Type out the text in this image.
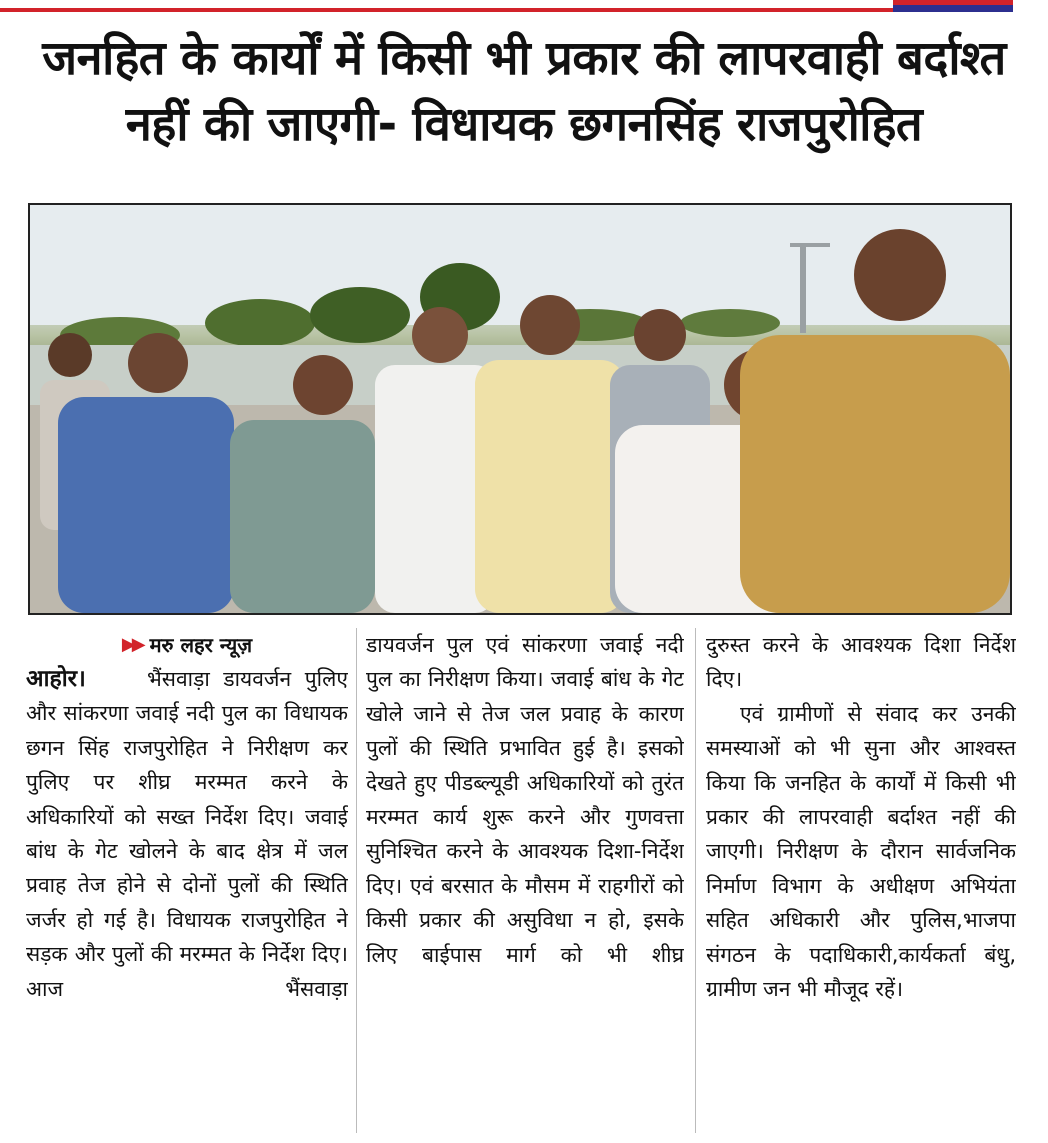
जनहित के कार्यों में किसी भी प्रकार की लापरवाही बर्दाश्त
नहीं की जाएगी- विधायक छगनसिंह राजपुरोहित
▶▶ मरु लहर न्यूज़

आहोर।	भैंसवाड़ा डायवर्जन पुलिए और सांकरणा जवाई नदी पुल का विधायक छगन सिंह राजपुरोहित ने निरीक्षण कर पुलिए पर शीघ्र मरम्मत करने के अधिकारियों को सख्त निर्देश दिए। जवाई बांध के गेट खोलने के बाद क्षेत्र में जल प्रवाह तेज होने से दोनों पुलों की स्थिति जर्जर हो गई है। विधायक राजपुरोहित ने सड़क और पुलों की मरम्मत के निर्देश दिए। आज भैंसवाड़ा

डायवर्जन पुल एवं सांकरणा जवाई नदी पुल का निरीक्षण किया। जवाई बांध के गेट खोले जाने से तेज जल प्रवाह के कारण पुलों की स्थिति प्रभावित हुई है। इसको देखते हुए पीडब्ल्यूडी अधिकारियों को तुरंत मरम्मत कार्य शुरू करने और गुणवत्ता सुनिश्चित करने के आवश्यक दिशा-निर्देश दिए। एवं बरसात के मौसम में राहगीरों को किसी प्रकार की असुविधा न हो, इसके लिए बाईपास मार्ग को भी शीघ्र

दुरुस्त करने के आवश्यक दिशा निर्देश दिए।

एवं ग्रामीणों से संवाद कर उनकी समस्याओं को भी सुना और आश्वस्त किया कि जनहित के कार्यों में किसी भी प्रकार की लापरवाही बर्दाश्त नहीं की जाएगी। निरीक्षण के दौरान सार्वजनिक निर्माण विभाग के अधीक्षण अभियंता सहित अधिकारी और पुलिस,भाजपा संगठन के पदाधिकारी,कार्यकर्ता बंधु, ग्रामीण जन भी मौजूद रहें।
